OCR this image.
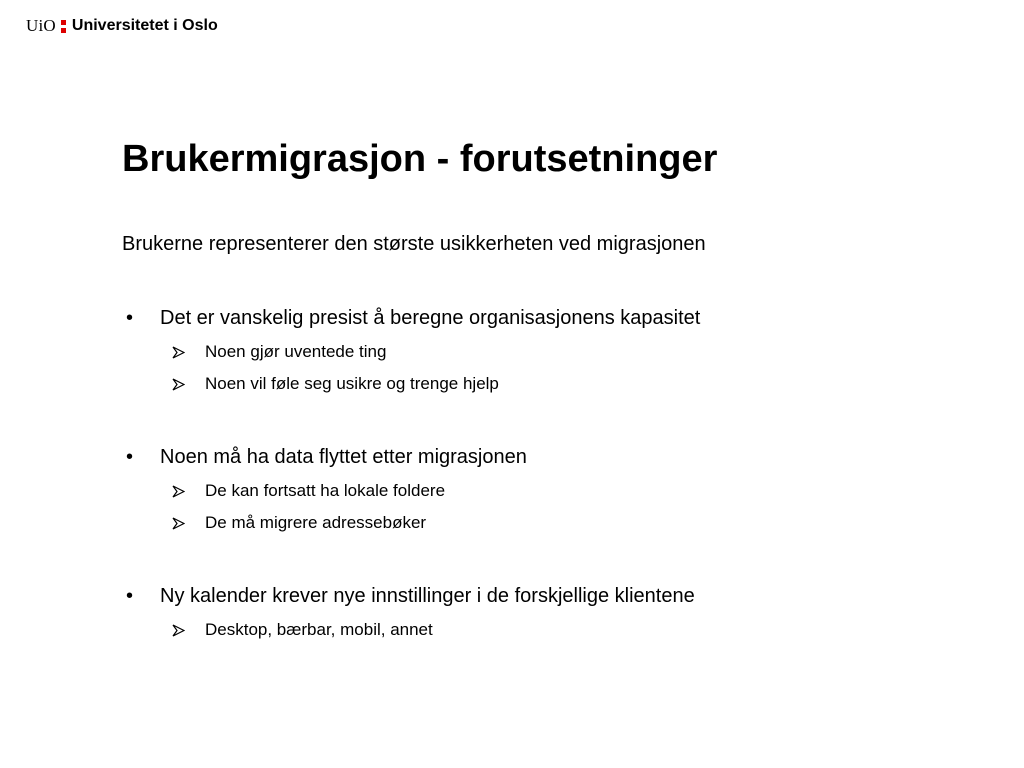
UiO Universitetet i Oslo
Brukermigrasjon - forutsetninger

Brukerne representerer den største usikkerheten ved migrasjonen

•	Det er vanskelig presist å beregne organisasjonens kapasitet

Noen gjør uventede ting

Noen vil føle seg usikre og trenge hjelp

•	Noen må ha data flyttet etter migrasjonen

De kan fortsatt ha lokale foldere

De må migrere adressebøker

•	Ny kalender krever nye innstillinger i de forskjellige klientene

Desktop, bærbar, mobil, annet
